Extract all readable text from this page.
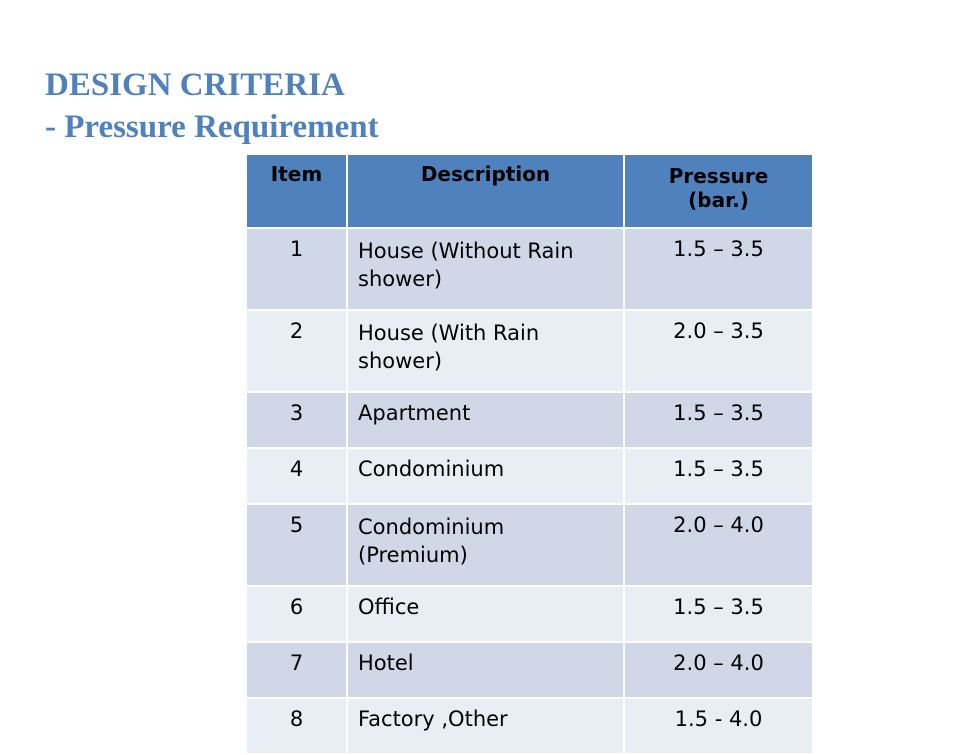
DESIGN CRITERIA
- Pressure Requirement
Item	Description	Pressure
(bar.)

1	House (Without Rain shower)	1.5 – 3.5
2	House (With Rain shower)	2.0 – 3.5
3	Apartment	1.5 – 3.5
4	Condominium	1.5 – 3.5
5	Condominium (Premium)	2.0 – 4.0
6	Office	1.5 – 3.5
7	Hotel	2.0 – 4.0
8	Factory ,Other	1.5 - 4.0
